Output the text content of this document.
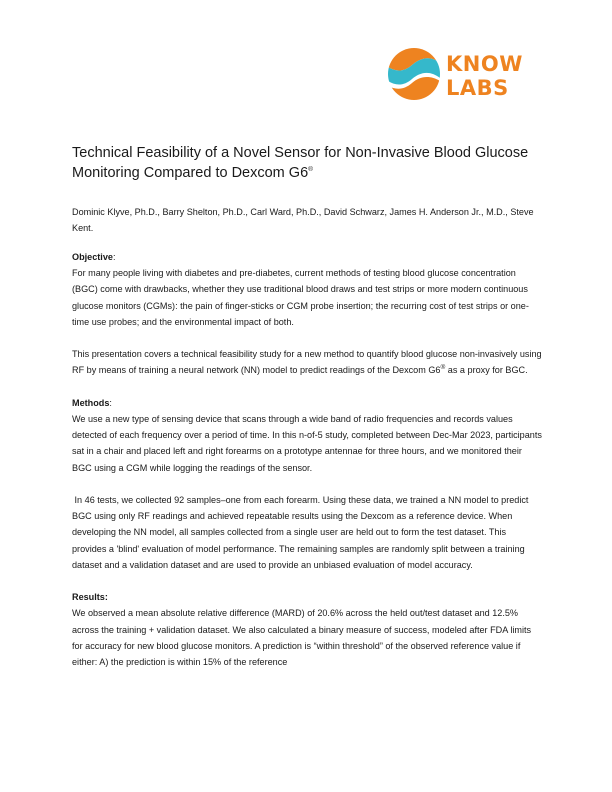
KNOW
LABS
Technical Feasibility of a Novel Sensor for Non-Invasive Blood Glucose Monitoring Compared to Dexcom G6®

Dominic Klyve, Ph.D., Barry Shelton, Ph.D., Carl Ward, Ph.D., David Schwarz, James H. Anderson Jr., M.D., Steve Kent.

Objective:

For many people living with diabetes and pre-diabetes, current methods of testing blood glucose concentration (BGC) come with drawbacks, whether they use traditional blood draws and test strips or more modern continuous glucose monitors (CGMs): the pain of finger-sticks or CGM probe insertion; the recurring cost of test strips or one-time use probes; and the environmental impact of both.

This presentation covers a technical feasibility study for a new method to quantify blood glucose non-invasively using RF by means of training a neural network (NN) model to predict readings of the Dexcom G6® as a proxy for BGC.

Methods:

We use a new type of sensing device that scans through a wide band of radio frequencies and records values detected of each frequency over a period of time. In this n-of-5 study, completed between Dec-Mar 2023, participants sat in a chair and placed left and right forearms on a prototype antennae for three hours, and we monitored their BGC using a CGM while logging the readings of the sensor.

In 46 tests, we collected 92 samples–one from each forearm. Using these data, we trained a NN model to predict BGC using only RF readings and achieved repeatable results using the Dexcom as a reference device. When developing the NN model, all samples collected from a single user are held out to form the test dataset. This provides a 'blind' evaluation of model performance. The remaining samples are randomly split between a training dataset and a validation dataset and are used to provide an unbiased evaluation of model accuracy.

Results:

We observed a mean absolute relative difference (MARD) of 20.6% across the held out/test dataset and 12.5% across the training + validation dataset. We also calculated a binary measure of success, modeled after FDA limits for accuracy for new blood glucose monitors. A prediction is “within threshold” of the observed reference value if either: A) the prediction is within 15% of the reference
